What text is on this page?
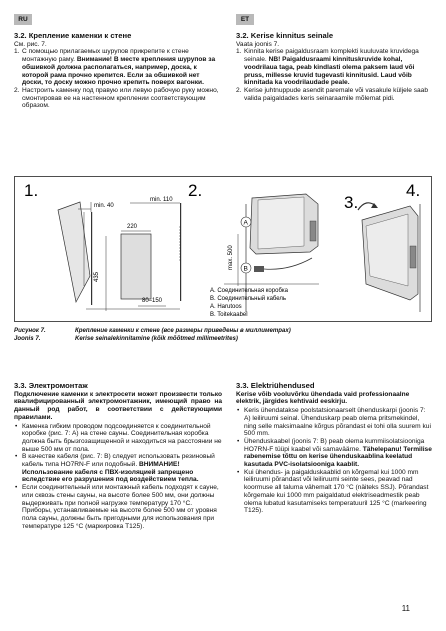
RU	ET
3.2. Крепление каменки к стене

См. рис. 7.

1. С помощью прилагаемых шурупов прикрепите к стене монтажную раму. Внимание! В месте крепления шурупов за обшивкой должна располагаться, например, доска, к которой рама прочно крепится. Если за обшивкой нет доски, то доску можно прочно крепить поверх вагонки.
2. Настроить каменку под правую или левую рабочую руку можно, смонтировав ее на настенном креплении соответствующим образом.
3.2. Kerise kinnitus seinale

Vaata joonis 7.

1. Kinnita kerise paigaldusraam komplekti kuuluvate kruvidega seinale. NB! Paigaldusraami kinnituskruvide kohal, voodrilaua taga, peab kindlasti olema paksem laud või pruss, millesse kruvid tugevasti kinnitusid. Laud võib kinnitada ka voodrilaudade peale.
2. Kerise juhtnuppude asendit paremale või vasakule küljele saab valida paigaldades keris seinaraamile mõlemat pidi.
1.
min. 40
min. 110
220
435
80–150
2.
A
B
max. 500
A. Соединительная коробка
B. Соединительный кабель
A. Harutoos
B. Toitekaabel
3.
4.
Рисунок 7.	Крепление каменки к стене (все размеры приведены в миллиметрах)
Joonis 7.	Kerise seinalekinnitamine (kõik mõõtmed millimeetrites)
3.3. Электромонтаж

Подключение каменки к электросети может произвести только квалифицированный электромонтажник, имеющий право на данный род работ, в соответствии с действующими правилами.

• Каменка гибким проводом подсоединяется к соединительной коробке (рис. 7: А) на стене сауны. Соединительная коробка должна быть брызгозащищенной и находиться на расстоянии не выше 500 мм от пола.
• В качестве кабеля (рис. 7: В) следует использовать резиновый кабель типа HO7RN-F или подобный. ВНИМАНИЕ! Использование кабеля с ПВХ-изоляцией запрещено вследствие его разрушения под воздействием тепла.
• Если соединительный или монтажный кабель подходят к сауне, или сквозь стены сауны, на высоте более 500 мм, они должны выдерживать при полной нагрузке температуру 170 °С. Приборы, устанавливаемые на высоте более 500 мм от уровня пола сауны, должны быть пригодными для использования при температуре 125 °С (маркировка T125).
3.3. Elektriühendused

Kerise võib vooluvõrku ühendada vaid professionaalne elektrik, järgides kehtivaid eeskirju.

• Keris ühendatakse poolstatsionaarselt ühenduskarpi (joonis 7: A) leiliruumi seinal. Ühenduskarp peab olema pritsmekindel, ning selle maksimaalne kõrgus põrandast ei tohi olla suurem kui 500 mm.
• Ühenduskaabel (joonis 7: B) peab olema kummiisolatsiooniga HO7RN-F tüüpi kaabel või samaväärne. Tähelepanu! Termilise rabenemise tõttu on kerise ühenduskaablina keelatud kasutada PVC-isolatsiooniga kaablit.
• Kui ühendus- ja paigalduskaablid on kõrgemal kui 1000 mm leiliruumi põrandast või leiliruumi seinte sees, peavad nad koormuse all taluma vähemalt 170 °C (näiteks SSJ). Põrandast kõrgemale kui 1000 mm paigaldatud elektriseadmestik peab olema lubatud kasutamiseks temperatuuril 125 °C (markeering T125).
11
